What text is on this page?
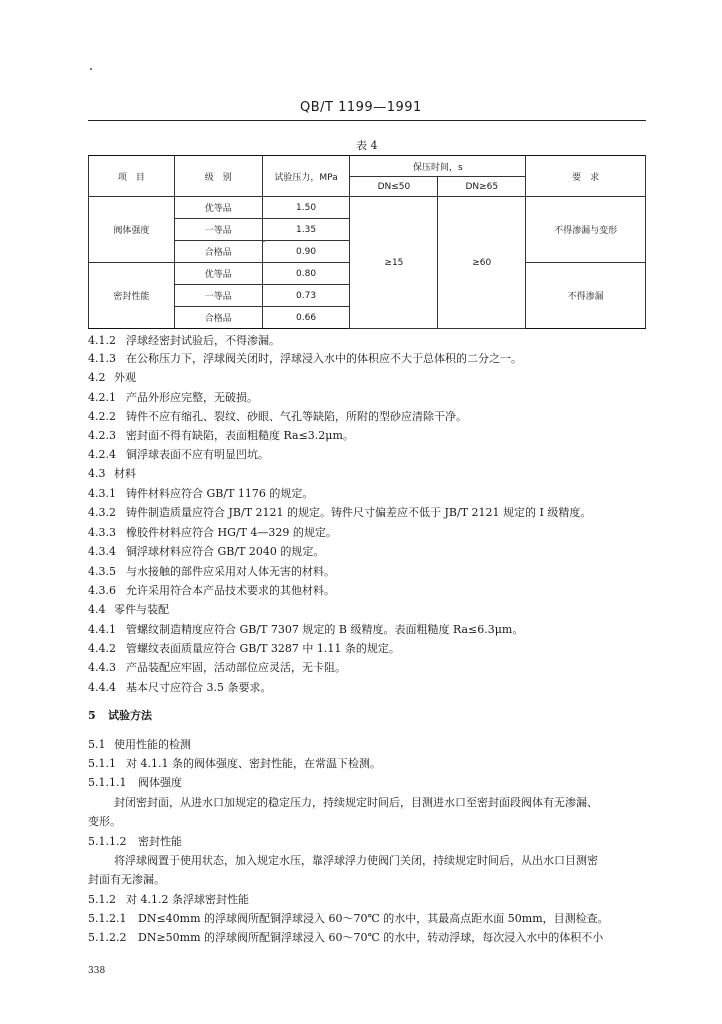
QB/T 1199—1991
表 4
项　目	级　别	试验压力，MPa	保压时间，s		要　求
			DN≤50	DN≥65	
阀体强度	优等品	1.50	≥15	≥60	不得渗漏与变形
	一等品	1.35			
	合格品	0.90			
密封性能	优等品	0.80			不得渗漏
	一等品	0.73			
	合格品	0.66			
4.1.2 浮球经密封试验后，不得渗漏。
4.1.3 在公称压力下，浮球阀关闭时，浮球浸入水中的体积应不大于总体积的二分之一。
4.2 外观
4.2.1 产品外形应完整，无破损。
4.2.2 铸件不应有缩孔、裂纹、砂眼、气孔等缺陷，所附的型砂应清除干净。
4.2.3 密封面不得有缺陷，表面粗糙度 Ra≤3.2μm。
4.2.4 铜浮球表面不应有明显凹坑。
4.3 材料
4.3.1 铸件材料应符合 GB/T 1176 的规定。
4.3.2 铸件制造质量应符合 JB/T 2121 的规定。铸件尺寸偏差应不低于 JB/T 2121 规定的 I 级精度。
4.3.3 橡胶件材料应符合 HG/T 4—329 的规定。
4.3.4 铜浮球材料应符合 GB/T 2040 的规定。
4.3.5 与水接触的部件应采用对人体无害的材料。
4.3.6 允许采用符合本产品技术要求的其他材料。
4.4 零件与装配
4.4.1 管螺纹制造精度应符合 GB/T 7307 规定的 B 级精度。表面粗糙度 Ra≤6.3μm。
4.4.2 管螺纹表面质量应符合 GB/T 3287 中 1.11 条的规定。
4.4.3 产品装配应牢固，活动部位应灵活，无卡阻。
4.4.4 基本尺寸应符合 3.5 条要求。
5 试验方法
5.1 使用性能的检测
5.1.1 对 4.1.1 条的阀体强度、密封性能，在常温下检测。
5.1.1.1 阀体强度
封闭密封面，从进水口加规定的稳定压力，持续规定时间后，目测进水口至密封面段阀体有无渗漏、
变形。
5.1.1.2 密封性能
将浮球阀置于使用状态，加入规定水压，靠浮球浮力使阀门关闭，持续规定时间后，从出水口目测密
封面有无渗漏。
5.1.2 对 4.1.2 条浮球密封性能
5.1.2.1 DN≤40mm 的浮球阀所配铜浮球浸入 60～70℃ 的水中，其最高点距水面 50mm，目测检查。
5.1.2.2 DN≥50mm 的浮球阀所配铜浮球浸入 60～70℃ 的水中，转动浮球，每次浸入水中的体积不小
338
